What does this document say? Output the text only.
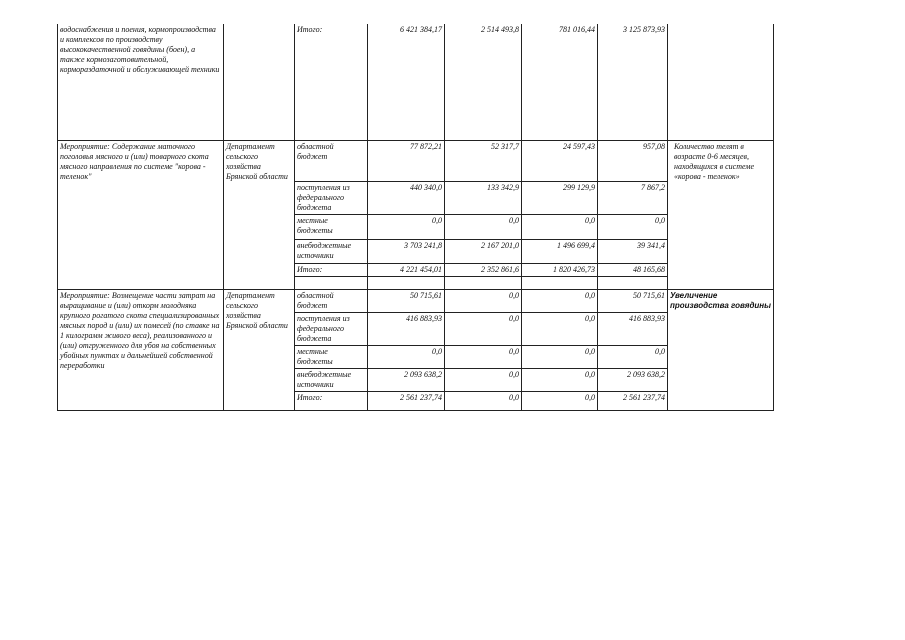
водоснабжения и поения, кормопроизводства и комплексов по производству высококачественной говядины (боен), а также кормозаготовительной, кормораздаточной и обслуживающей техники		Итого:	6 421 384,17	2 514 493,8	781 016,44	3 125 873,93	
Мероприятие: Содержание маточного поголовья мясного и (или) товарного скота мясного направления по системе "корова - теленок"	Департамент сельского хозяйства Брянской области	областной бюджет	77 872,21	52 317,7	24 597,43	957,08	Количество телят в возрасте 0-6 месяцев, находящихся в системе «корова - теленок»
		поступления из федерального бюджета	440 340,0	133 342,9	299 129,9	7 867,2	
		местные бюджеты	0,0	0,0	0,0	0,0	
		внебюджетные источники	3 703 241,8	2 167 201,0	1 496 699,4	39 341,4	
		Итого:	4 221 454,01	2 352 861,6	1 820 426,73	48 165,68	

Мероприятие: Возмещение части затрат на выращивание и (или) откорм молодняка крупного рогатого скота специализированных мясных пород и (или) их помесей (по ставке на 1 килограмм живого веса), реализованного и (или) отгруженного для убоя на собственных убойных пунктах и дальнейшей собственной переработки	Департамент сельского хозяйства Брянской области	областной бюджет	50 715,61	0,0	0,0	50 715,61	Увеличение производства говядины
		поступления из федерального бюджета	416 883,93	0,0	0,0	416 883,93	
		местные бюджеты	0,0	0,0	0,0	0,0	
		внебюджетные источники	2 093 638,2	0,0	0,0	2 093 638,2	
		Итого:	2 561 237,74	0,0	0,0	2 561 237,74	
